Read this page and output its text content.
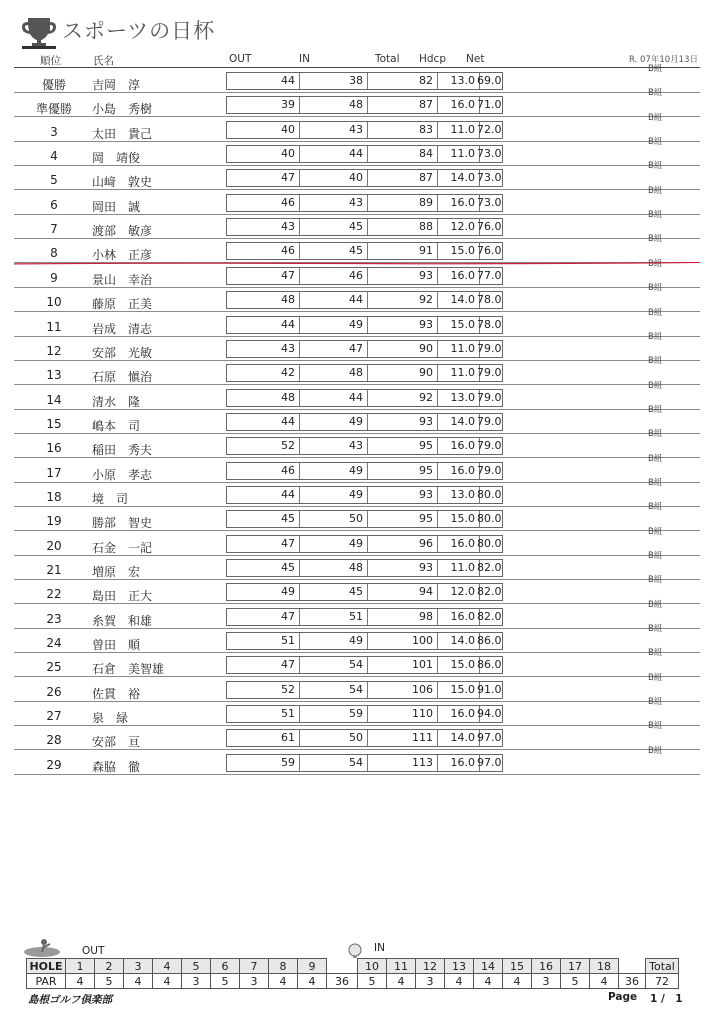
スポーツの日杯
順位	氏名	OUT	IN	Total Hdcp Net	R. 07年10月13日
優勝	吉岡　淳	44	38	82	13.0 69.0
B組
準優勝	小島　秀樹	39	48	87	16.0 71.0
B組
3	太田　貴己	40	43	83	11.0 72.0
B組
4	岡　靖俊	40	44	84	11.0 73.0
B組
5	山﨑　敦史	47	40	87	14.0 73.0
B組
6	岡田　誠	46	43	89	16.0 73.0
B組
7	渡部　敏彦	43	45	88	12.0 76.0
B組
8	小林　正彦	46	45	91	15.0 76.0
B組
9	景山　幸治	47	46	93	16.0 77.0
B組
10	藤原　正美	48	44	92	14.0 78.0
B組
11	岩成　清志	44	49	93	15.0 78.0
B組
12	安部　光敏	43	47	90	11.0 79.0
B組
13	石原　愼治	42	48	90	11.0 79.0
B組
14	清水　隆	48	44	92	13.0 79.0
B組
15	嶋本　司	44	49	93	14.0 79.0
B組
16	稲田　秀夫	52	43	95	16.0 79.0
B組
17	小原　孝志	46	49	95	16.0 79.0
B組
18	境　司	44	49	93	13.0 80.0
B組
19	勝部　智史	45	50	95	15.0 80.0
B組
20	石金　一記	47	49	96	16.0 80.0
B組
21	増原　宏	45	48	93	11.0 82.0
B組
22	島田　正大	49	45	94	12.0 82.0
B組
23	糸賀　和雄	47	51	98	16.0 82.0
B組
24	曽田　順	51	49	100	14.0 86.0
B組
25	石倉　美智雄	47	54	101	15.0 86.0
B組
26	佐貫　裕	52	54	106	15.0 91.0
B組
27	泉　緑	51	59	110	16.0 94.0
B組
28	安部　亘	61	50	111	14.0 97.0
B組
29	森脇　徹	59	54	113	16.0 97.0
B組
OUT	IN
HOLE	1	2	3	4	5	6	7	8	9		10	11	12	13	14	15	16	17	18		Total
PAR	4	5	4	4	3	5	3	4	4	36	5	4	3	4	4	4	3	5	4	36	72
島根ゴルフ倶楽部	Page 1 /　1
